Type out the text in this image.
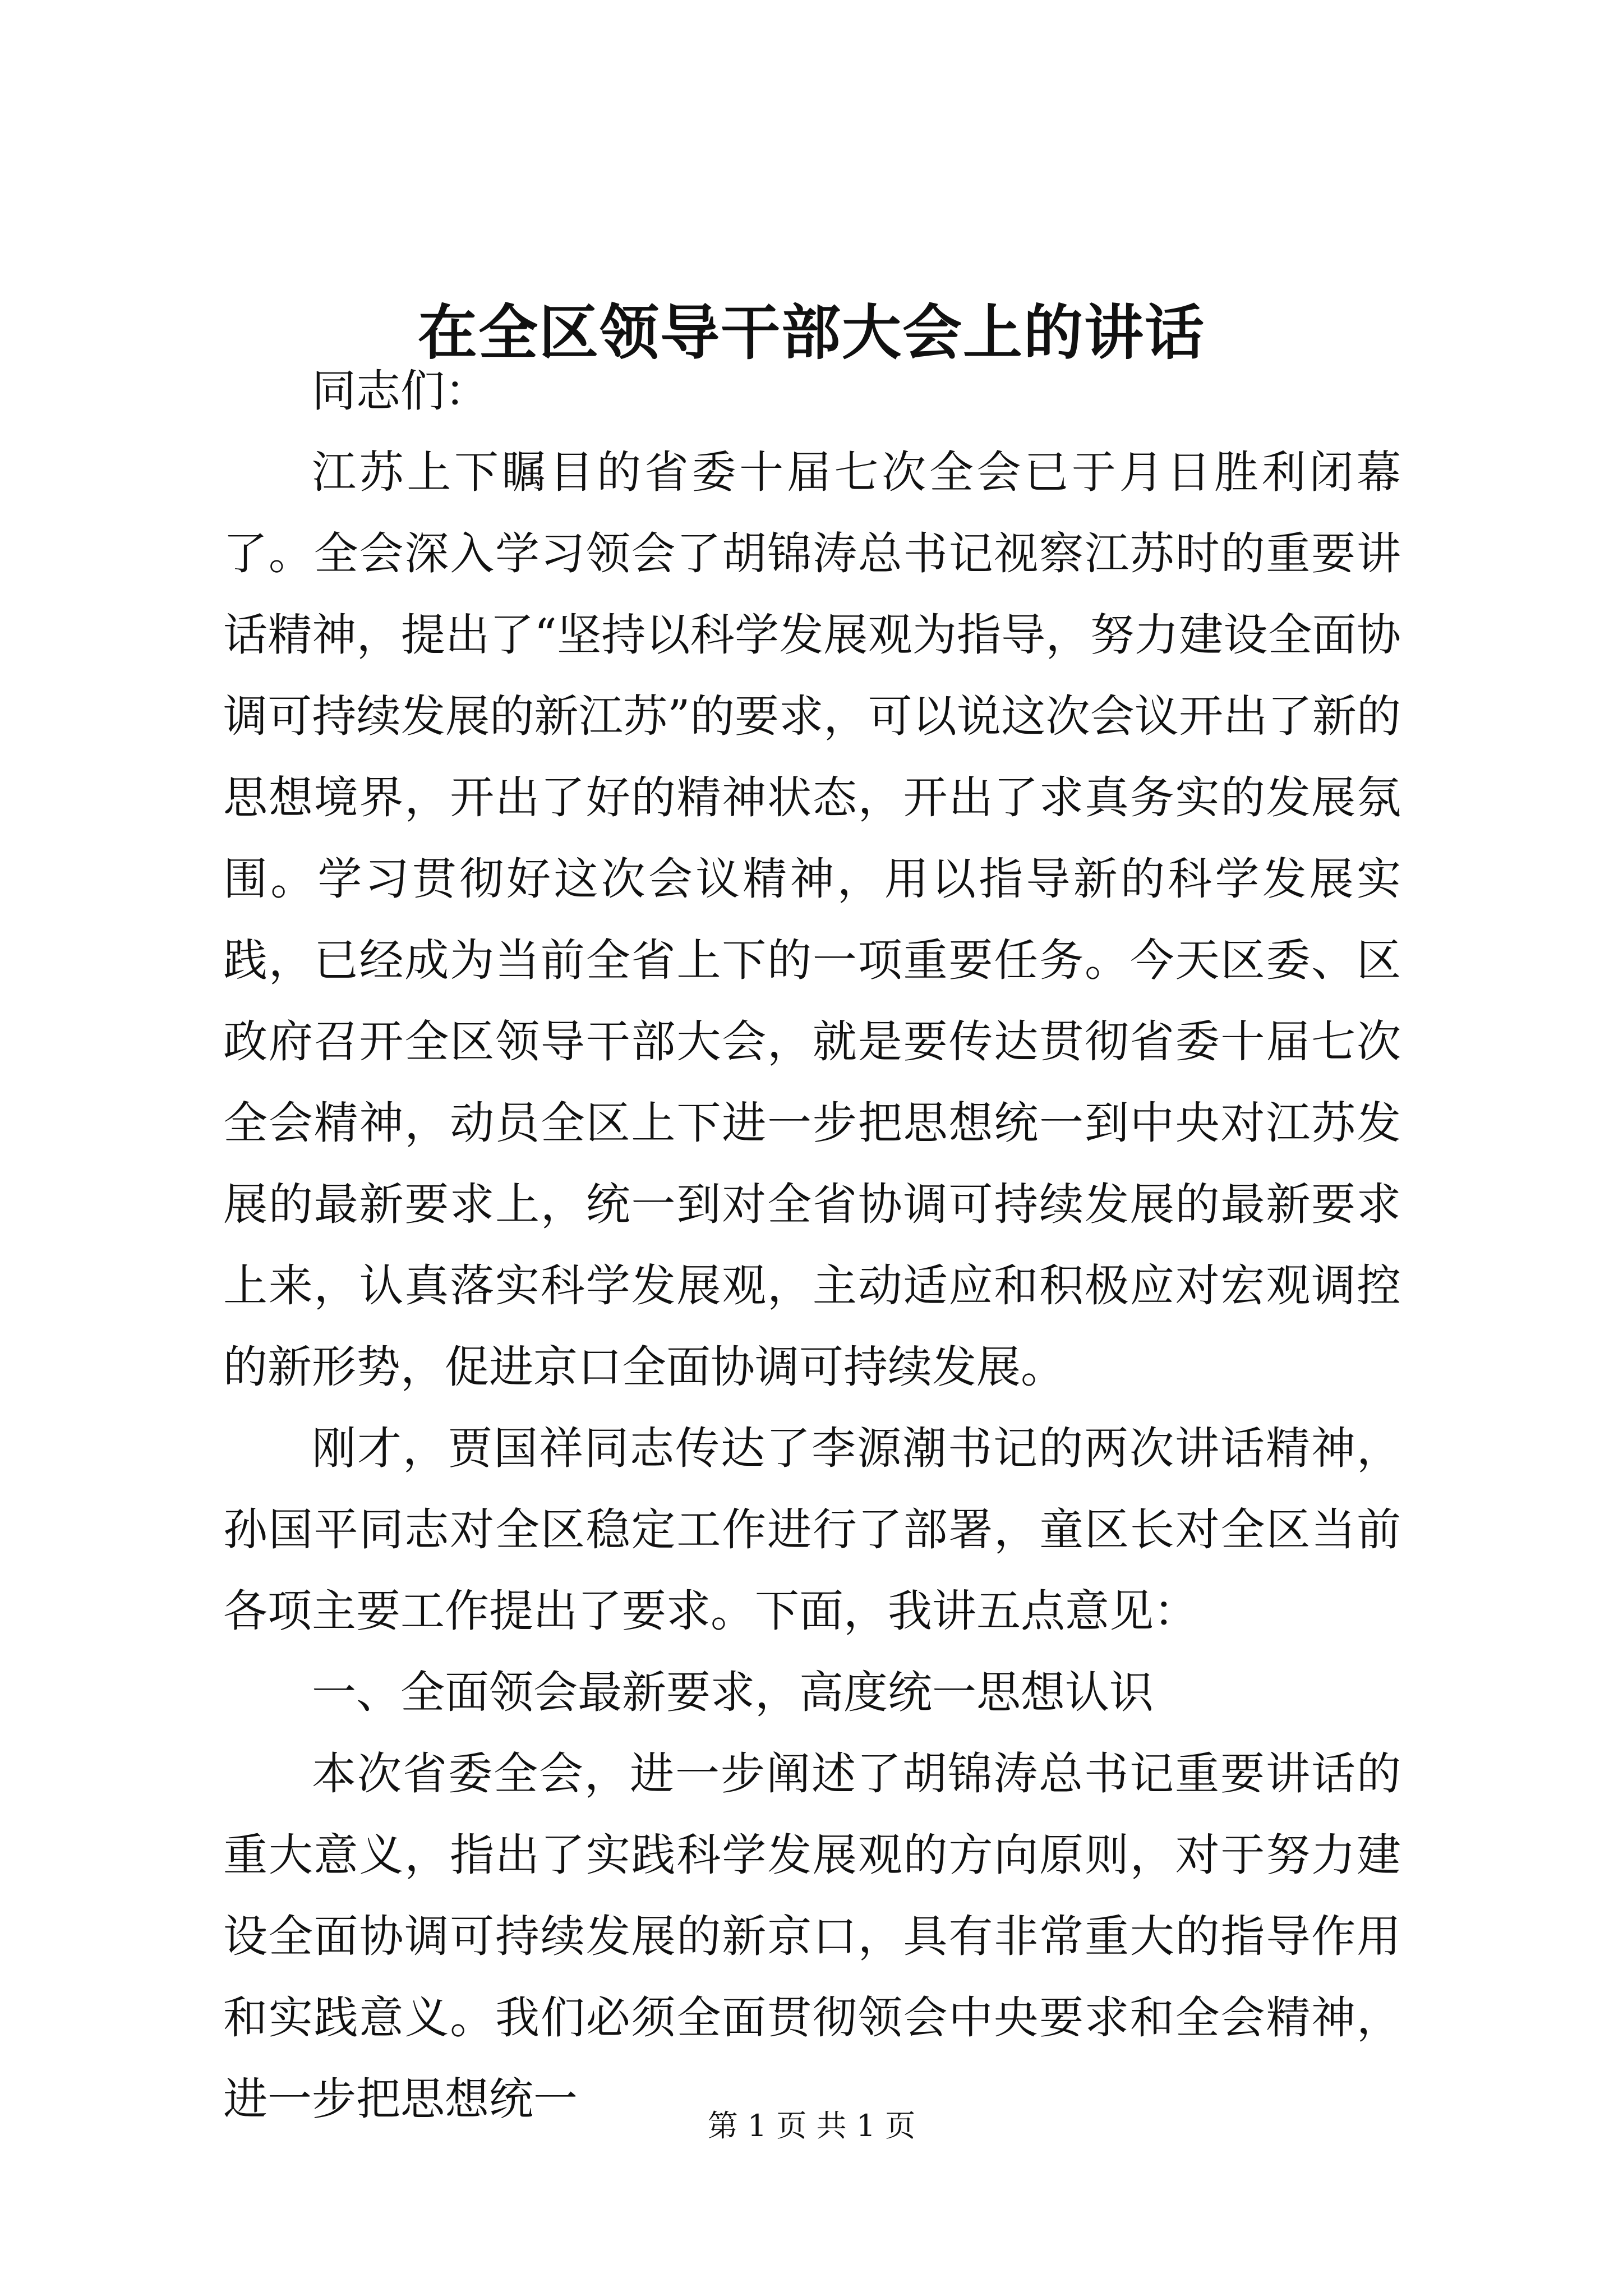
在全区领导干部大会上的讲话

同志们：

江苏上下瞩目的省委十届七次全会已于月日胜利闭幕了。全会深入学习领会了胡锦涛总书记视察江苏时的重要讲话精神，提出了“坚持以科学发展观为指导，努力建设全面协调可持续发展的新江苏”的要求，可以说这次会议开出了新的思想境界，开出了好的精神状态，开出了求真务实的发展氛围。学习贯彻好这次会议精神，用以指导新的科学发展实践，已经成为当前全省上下的一项重要任务。今天区委、区政府召开全区领导干部大会，就是要传达贯彻省委十届七次全会精神，动员全区上下进一步把思想统一到中央对江苏发展的最新要求上，统一到对全省协调可持续发展的最新要求上来，认真落实科学发展观，主动适应和积极应对宏观调控的新形势，促进京口全面协调可持续发展。

刚才，贾国祥同志传达了李源潮书记的两次讲话精神，孙国平同志对全区稳定工作进行了部署，童区长对全区当前各项主要工作提出了要求。下面，我讲五点意见：

一、全面领会最新要求，高度统一思想认识

本次省委全会，进一步阐述了胡锦涛总书记重要讲话的重大意义，指出了实践科学发展观的方向原则，对于努力建设全面协调可持续发展的新京口，具有非常重大的指导作用和实践意义。我们必须全面贯彻领会中央要求和全会精神，进一步把思想统一

第 1 页 共 1 页
